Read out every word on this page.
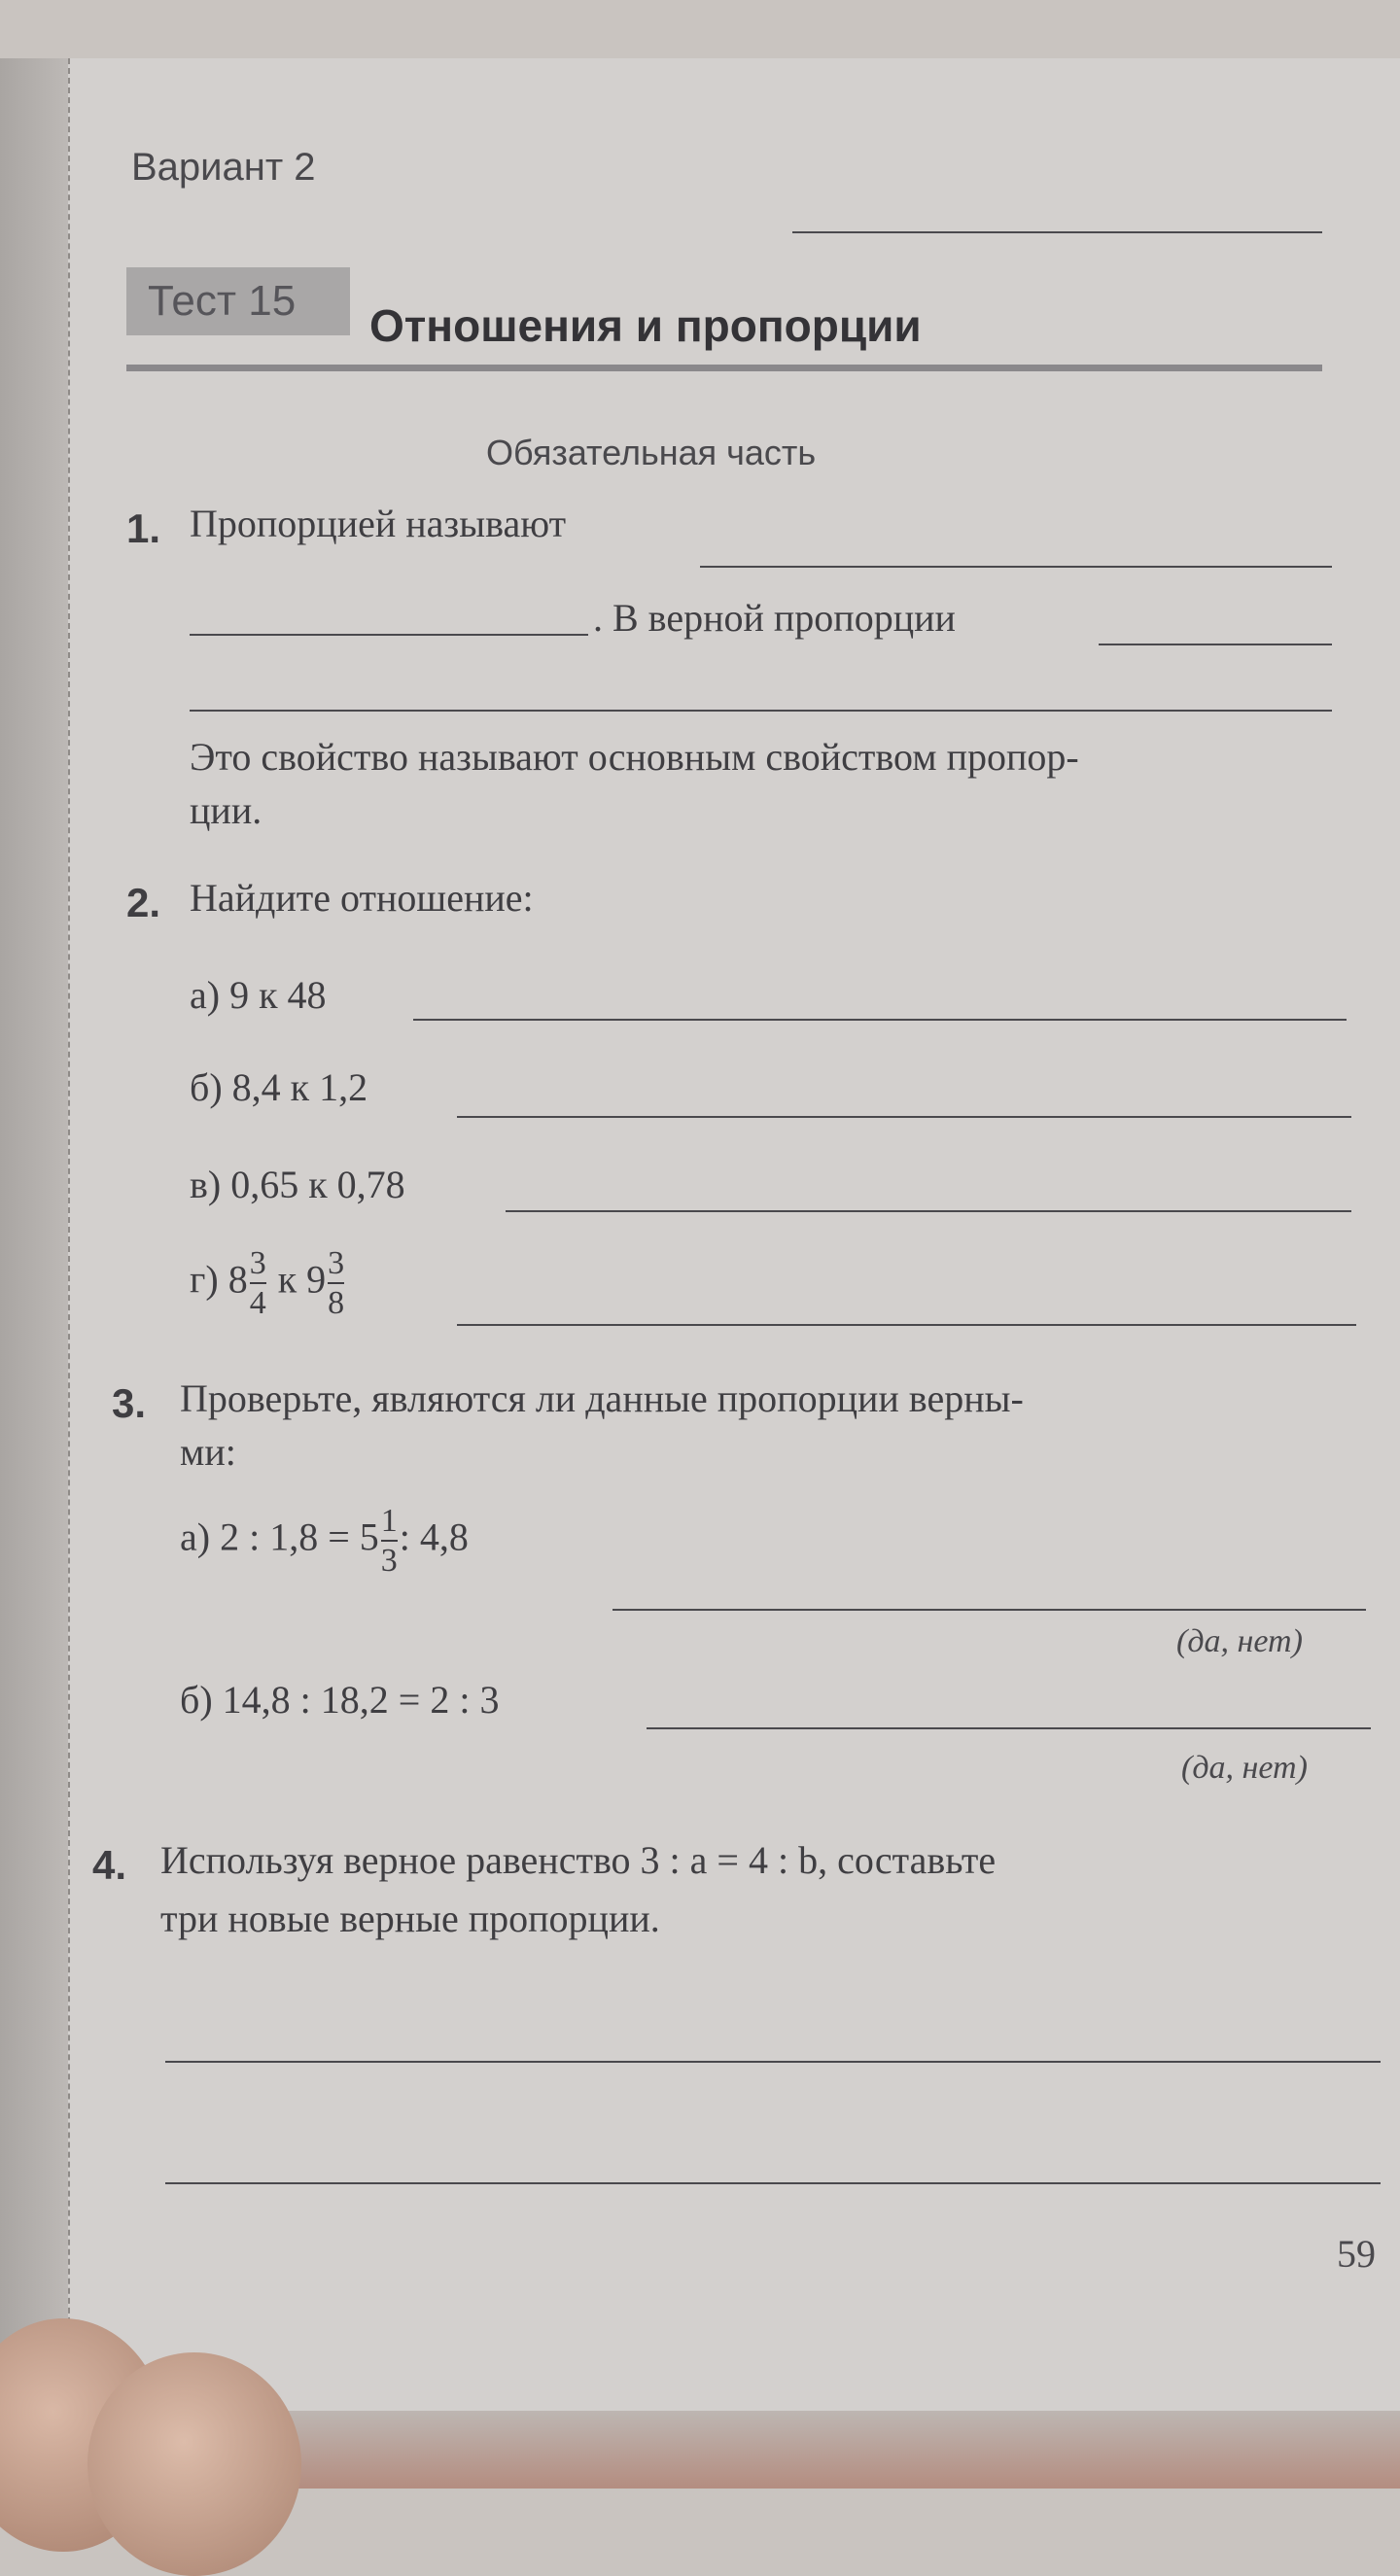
Вариант 2
Тест 15	Отношения и пропорции
Обязательная часть
1. Пропорцией называют
. В верной пропорции
Это свойство называют основным свойством пропор-
ции.
2. Найдите отношение:
а) 9 к 48
б) 8,4 к 1,2
в) 0,65 к 0,78
г) $8 \frac{3}{4}$ к $9 \frac{3}{8}$
3. Проверьте, являются ли данные пропорции верны-
ми:
а) 2 : $1,8 = 5 \frac{1}{3}$ : 4,8
(да, нет)
б) 14,8 : 18,2 = 2 : 3
(да, нет)
4. Используя верное равенство 3 : a = 4 : b, составьте
три новые верные пропорции.
59
